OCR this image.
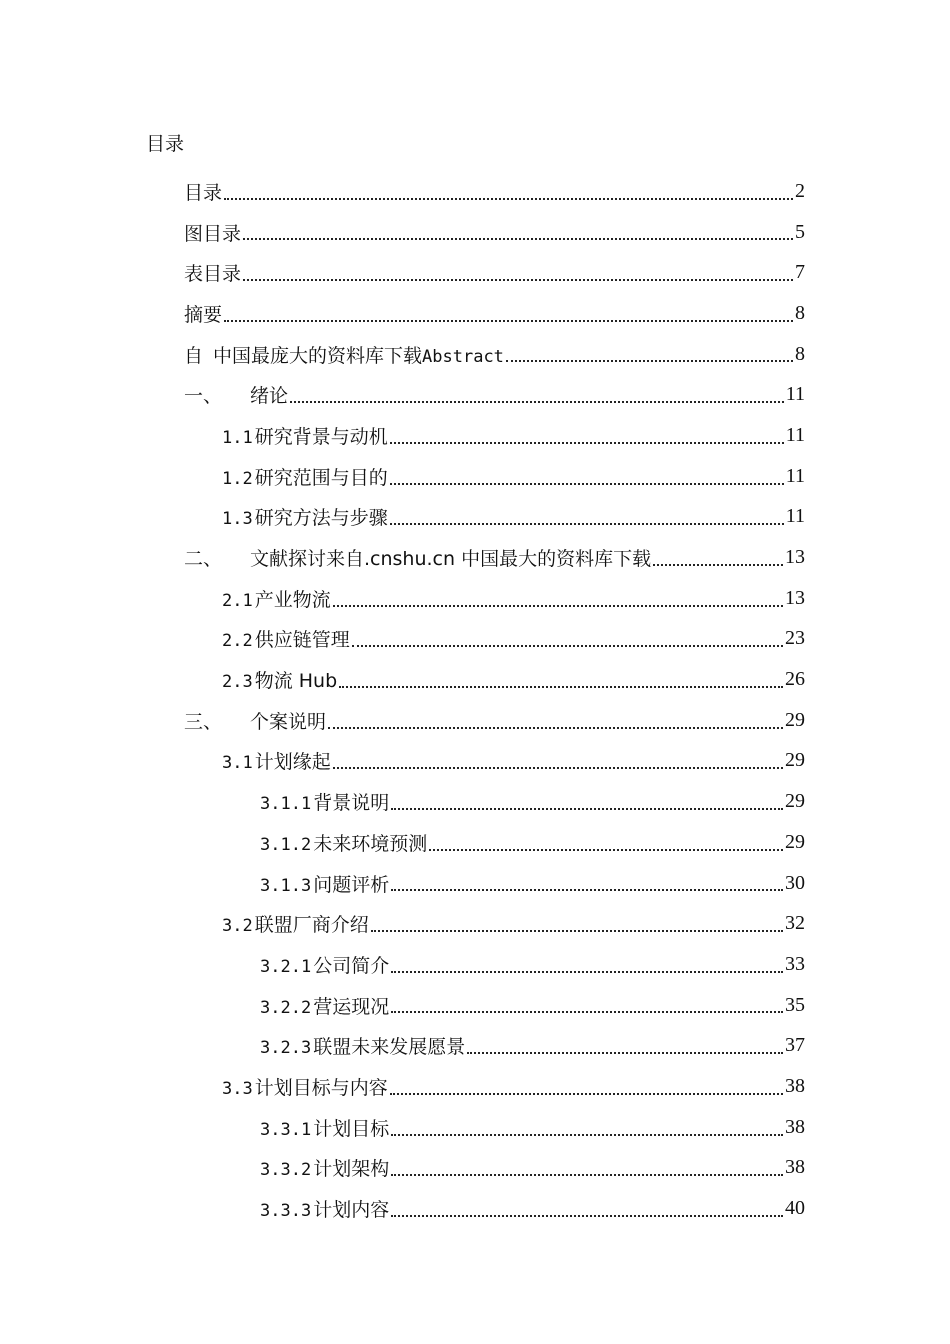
目录
目录	2
图目录	5
表目录	7
摘要	8
自 中国最庞大的资料库下载 Abstract	8
一、	绪论	11
1.1 研究背景与动机	11
1.2 研究范围与目的	11
1.3 研究方法与步骤	11
二、	文献探讨来自.cnshu.cn 中国最大的资料库下载	13
2.1 产业物流	13
2.2 供应链管理	23
2.3 物流 Hub	26
三、	个案说明	29
3.1 计划缘起	29
3.1.1 背景说明	29
3.1.2 未来环境预测	29
3.1.3 问题评析	30
3.2 联盟厂商介绍	32
3.2.1 公司简介	33
3.2.2 营运现况	35
3.2.3 联盟未来发展愿景	37
3.3 计划目标与内容	38
3.3.1 计划目标	38
3.3.2 计划架构	38
3.3.3 计划内容	40
